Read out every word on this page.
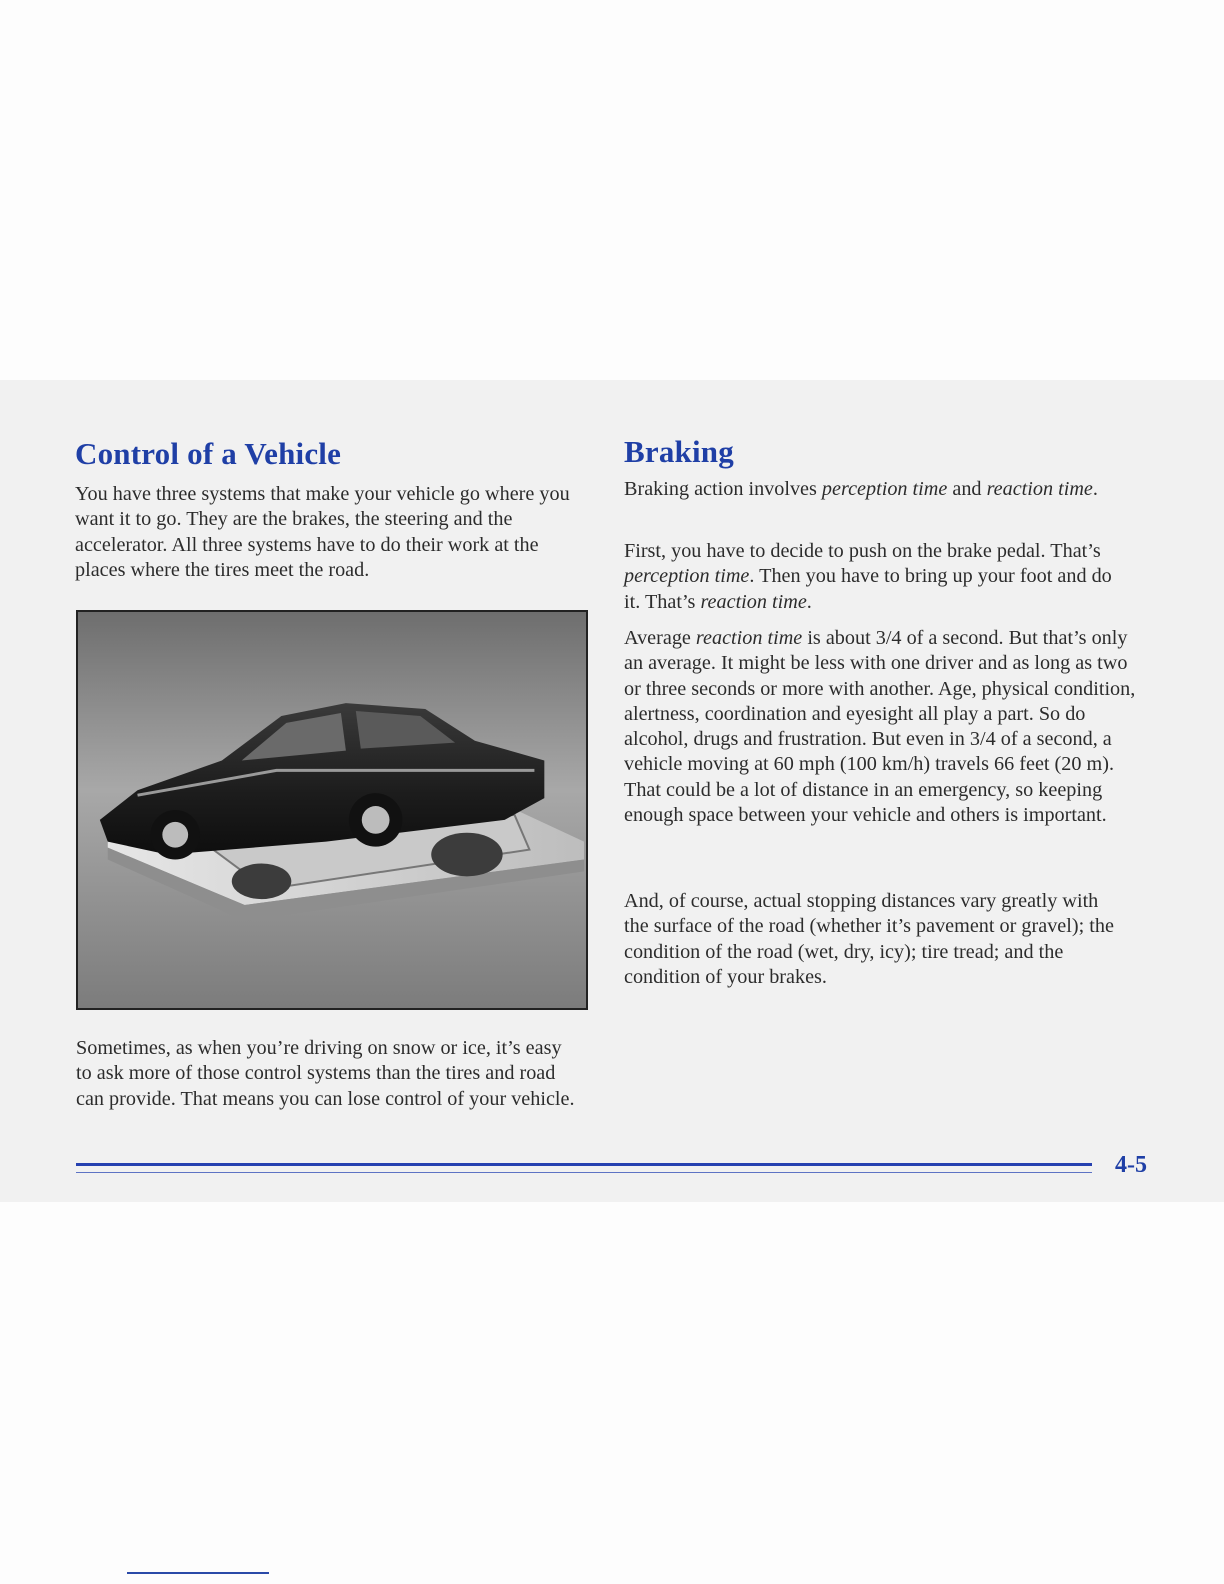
Control of a Vehicle

You have three systems that make your vehicle go where you want it to go. They are the brakes, the steering and the accelerator. All three systems have to do their work at the places where the tires meet the road.

Sometimes, as when you’re driving on snow or ice, it’s easy to ask more of those control systems than the tires and road can provide. That means you can lose control of your vehicle.

Braking

Braking action involves perception time and reaction time.

First, you have to decide to push on the brake pedal. That’s perception time. Then you have to bring up your foot and do it. That’s reaction time.

Average reaction time is about 3/4 of a second. But that’s only an average. It might be less with one driver and as long as two or three seconds or more with another. Age, physical condition, alertness, coordination and eyesight all play a part. So do alcohol, drugs and frustration. But even in 3/4 of a second, a vehicle moving at 60 mph (100 km/h) travels 66 feet (20 m). That could be a lot of distance in an emergency, so keeping enough space between your vehicle and others is important.

And, of course, actual stopping distances vary greatly with the surface of the road (whether it’s pavement or gravel); the condition of the road (wet, dry, icy); tire tread; and the condition of your brakes.

4-5
